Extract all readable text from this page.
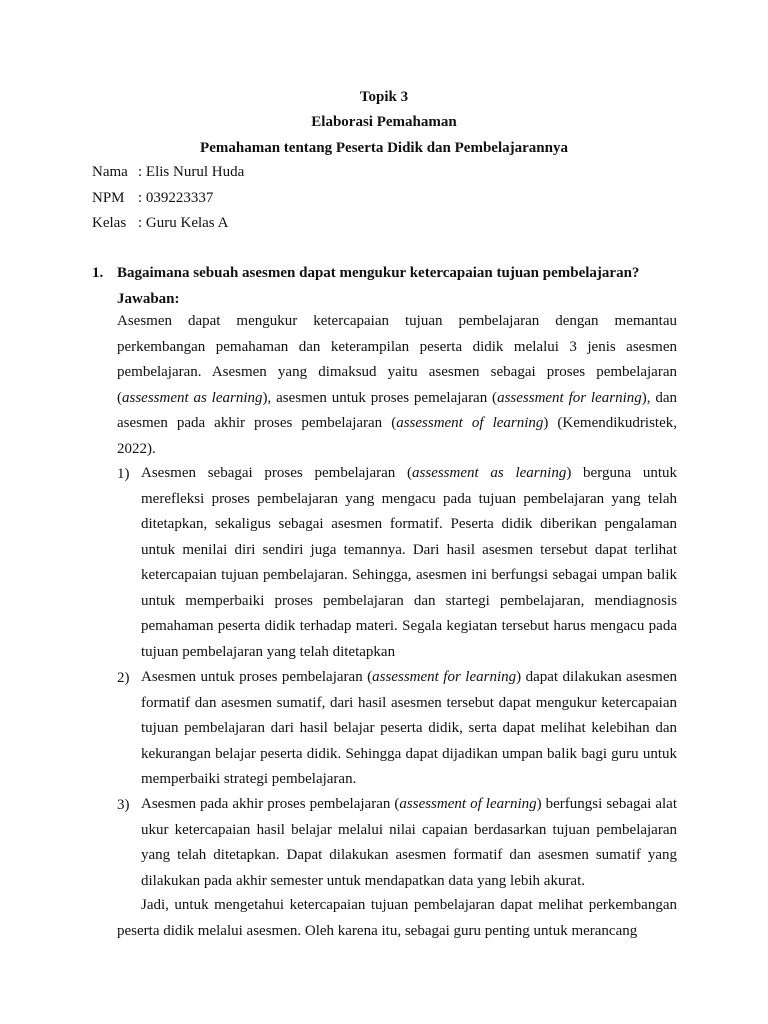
Topik 3
Elaborasi Pemahaman
Pemahaman tentang Peserta Didik dan Pembelajarannya
Nama : Elis Nurul Huda
NPM : 039223337
Kelas : Guru Kelas A
1. Bagaimana sebuah asesmen dapat mengukur ketercapaian tujuan pembelajaran?
Jawaban:

Asesmen dapat mengukur ketercapaian tujuan pembelajaran dengan memantau perkembangan pemahaman dan keterampilan peserta didik melalui 3 jenis asesmen pembelajaran. Asesmen yang dimaksud yaitu asesmen sebagai proses pembelajaran (assessment as learning), asesmen untuk proses pemelajaran (assessment for learning), dan asesmen pada akhir proses pembelajaran (assessment of learning) (Kemendikudristek, 2022).

1) Asesmen sebagai proses pembelajaran (assessment as learning) berguna untuk merefleksi proses pembelajaran yang mengacu pada tujuan pembelajaran yang telah ditetapkan, sekaligus sebagai asesmen formatif. Peserta didik diberikan pengalaman untuk menilai diri sendiri juga temannya. Dari hasil asesmen tersebut dapat terlihat ketercapaian tujuan pembelajaran. Sehingga, asesmen ini berfungsi sebagai umpan balik untuk memperbaiki proses pembelajaran dan startegi pembelajaran, mendiagnosis pemahaman peserta didik terhadap materi. Segala kegiatan tersebut harus mengacu pada tujuan pembelajaran yang telah ditetapkan

2) Asesmen untuk proses pembelajaran (assessment for learning) dapat dilakukan asesmen formatif dan asesmen sumatif, dari hasil asesmen tersebut dapat mengukur ketercapaian tujuan pembelajaran dari hasil belajar peserta didik, serta dapat melihat kelebihan dan kekurangan belajar peserta didik. Sehingga dapat dijadikan umpan balik bagi guru untuk memperbaiki strategi pembelajaran.

3) Asesmen pada akhir proses pembelajaran (assessment of learning) berfungsi sebagai alat ukur ketercapaian hasil belajar melalui nilai capaian berdasarkan tujuan pembelajaran yang telah ditetapkan. Dapat dilakukan asesmen formatif dan asesmen sumatif yang dilakukan pada akhir semester untuk mendapatkan data yang lebih akurat.

Jadi, untuk mengetahui ketercapaian tujuan pembelajaran dapat melihat perkembangan peserta didik melalui asesmen. Oleh karena itu, sebagai guru penting untuk merancang
